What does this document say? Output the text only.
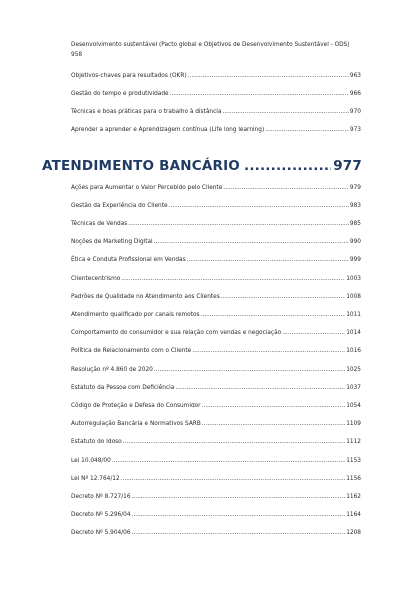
Desenvolvimento sustentável (Pacto global e Objetivos de Desenvolvimento Sustentável - ODS)
958
Objetivos-chaves para resultados (OKR) .....	963
Gestão do tempo e produtividade .....	966
Técnicas e boas práticas para o trabalho à distância .....	970
Aprender a aprender e Aprendizagem contínua (Life long learning) .....	973
ATENDIMENTO BANCÁRIO .....	977
Ações para Aumentar o Valor Percebido pelo Cliente .....	979
Gestão da Experiência do Cliente .....	983
Técnicas de Vendas .....	985
Noções de Marketing Digital .....	990
Ética e Conduta Profissional em Vendas .....	999
Clientecentrismo .....	1003
Padrões de Qualidade no Atendimento aos Clientes .....	1008
Atendimento qualificado por canais remotos .....	1011
Comportamento do consumidor e sua relação com vendas e negociação .....	1014
Política de Relacionamento com o Cliente .....	1016
Resolução nº 4.860 de 2020 .....	1025
Estatuto da Pessoa com Deficiência .....	1037
Código de Proteção e Defesa do Consumidor .....	1054
Autorregulação Bancária e Normativos SARB .....	1109
Estatuto do Idoso .....	1112
Lei 10.048/00 .....	1153
Lei Nº 12.764/12 .....	1156
Decreto Nº 8.727/16 .....	1162
Decreto Nº 5.296/04 .....	1164
Decreto Nº 5.904/06 .....	1208
